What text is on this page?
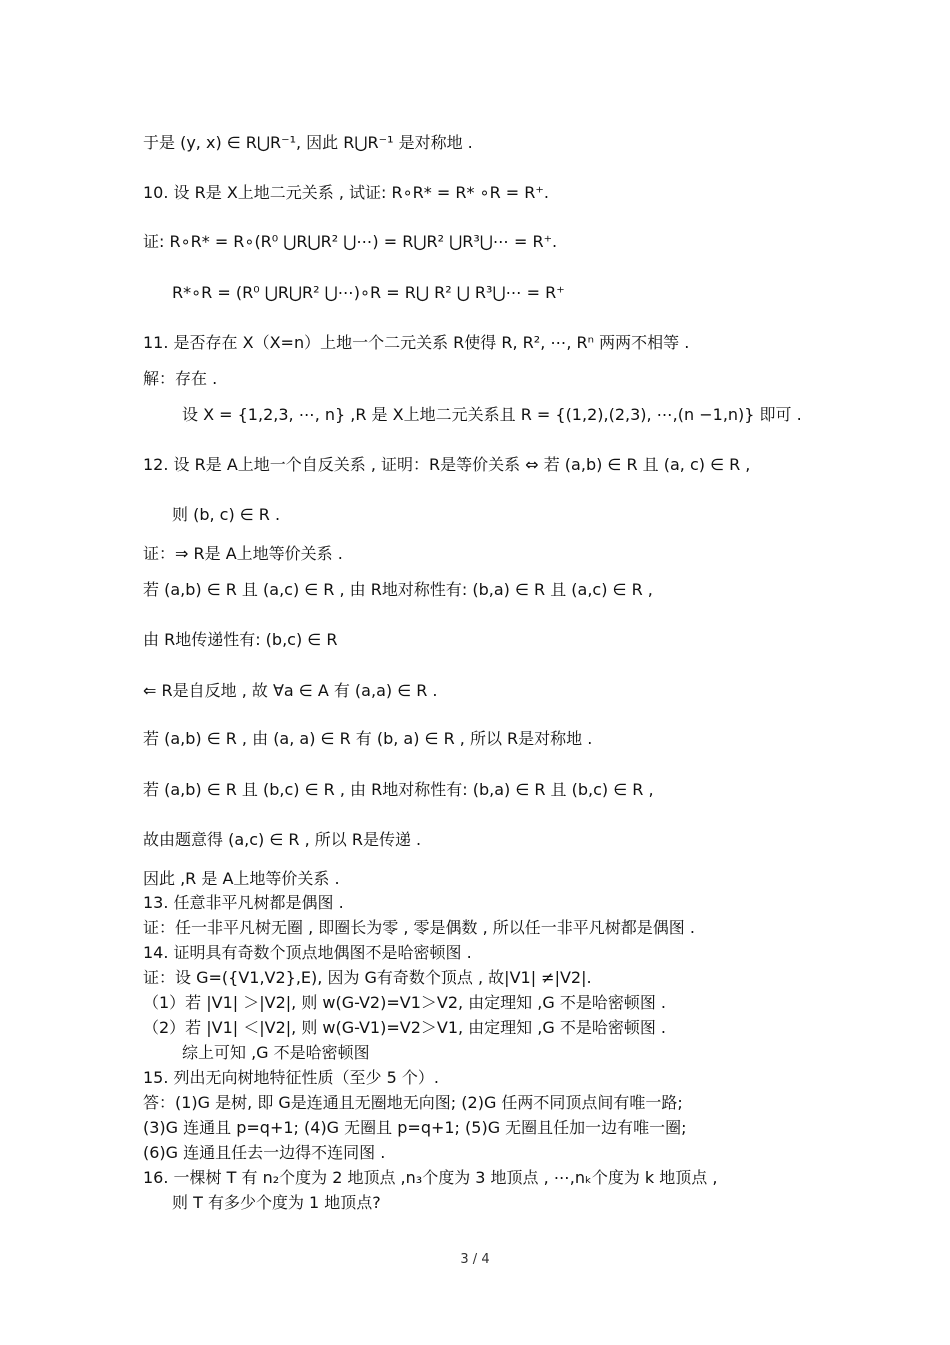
于是 (y, x) ∈ R⋃R⁻¹, 因此 R⋃R⁻¹ 是对称地 .
10. 设 R是 X上地二元关系 , 试证: R∘R* = R* ∘R = R⁺.
证: R∘R* = R∘(R⁰ ⋃R⋃R² ⋃⋯) = R⋃R² ⋃R³⋃⋯ = R⁺.
R*∘R = (R⁰ ⋃R⋃R² ⋃⋯)∘R = R⋃ R² ⋃ R³⋃⋯ = R⁺
11. 是否存在 X（X=n）上地一个二元关系 R使得 R, R², ⋯, Rⁿ 两两不相等 .
解：存在 .
设 X = {1,2,3, ⋯, n} ,R 是 X上地二元关系且 R = {(1,2),(2,3), ⋯,(n −1,n)} 即可 .
12. 设 R是 A上地一个自反关系 , 证明：R是等价关系 ⇔ 若 (a,b) ∈ R 且 (a, c) ∈ R ,
则 (b, c) ∈ R .
证：⇒ R是 A上地等价关系 .
若 (a,b) ∈ R 且 (a,c) ∈ R , 由 R地对称性有: (b,a) ∈ R 且 (a,c) ∈ R ,
由 R地传递性有: (b,c) ∈ R
⇐ R是自反地 , 故 ∀a ∈ A 有 (a,a) ∈ R .
若 (a,b) ∈ R , 由 (a, a) ∈ R 有 (b, a) ∈ R , 所以 R是对称地 .
若 (a,b) ∈ R 且 (b,c) ∈ R , 由 R地对称性有: (b,a) ∈ R 且 (b,c) ∈ R ,
故由题意得 (a,c) ∈ R , 所以 R是传递 .
因此 ,R 是 A上地等价关系 .
13. 任意非平凡树都是偶图 .
证：任一非平凡树无圈 , 即圈长为零 , 零是偶数 , 所以任一非平凡树都是偶图 .
14. 证明具有奇数个顶点地偶图不是哈密顿图 .
证：设 G=({V1,V2},E), 因为 G有奇数个顶点 , 故|V1| ≠|V2|.
（1）若 |V1| ＞|V2|, 则 w(G-V2)=V1＞V2, 由定理知 ,G 不是哈密顿图 .
（2）若 |V1| ＜|V2|, 则 w(G-V1)=V2＞V1, 由定理知 ,G 不是哈密顿图 .
综上可知 ,G 不是哈密顿图
15. 列出无向树地特征性质（至少 5 个）.
答：(1)G 是树, 即 G是连通且无圈地无向图; (2)G 任两不同顶点间有唯一路;
(3)G 连通且 p=q+1; (4)G 无圈且 p=q+1; (5)G 无圈且任加一边有唯一圈;
(6)G 连通且任去一边得不连同图 .
16. 一棵树 T 有 n₂个度为 2 地顶点 ,n₃个度为 3 地顶点 , ⋯,nₖ个度为 k 地顶点 ,
则 T 有多少个度为 1 地顶点?
3 / 4
